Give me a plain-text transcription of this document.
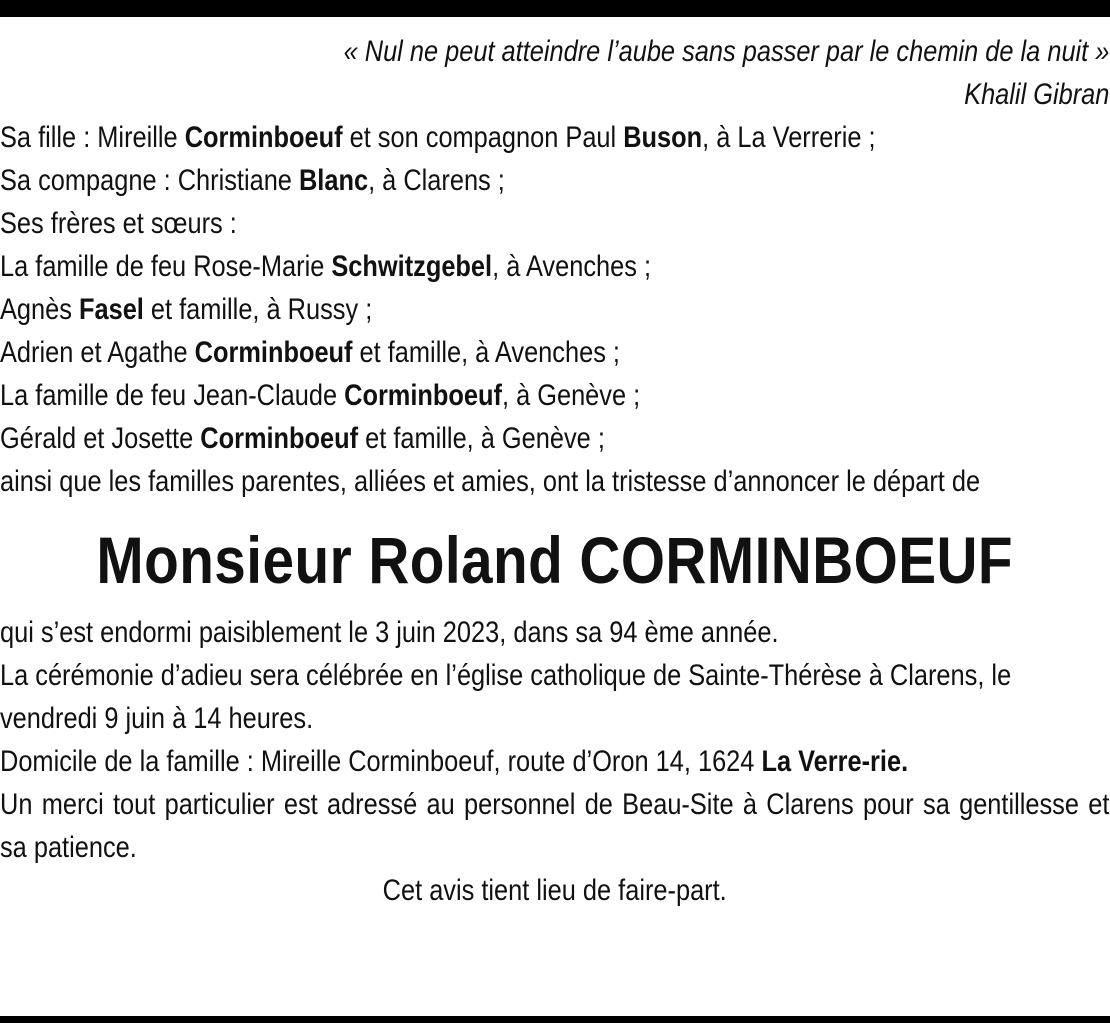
« Nul ne peut atteindre l’aube sans passer par le chemin de la nuit »
Khalil Gibran
Sa fille : Mireille Corminboeuf et son compagnon Paul Buson, à La Verrerie ;
Sa compagne : Christiane Blanc, à Clarens ;
Ses frères et sœurs :
La famille de feu Rose-Marie Schwitzgebel, à Avenches ;
Agnès Fasel et famille, à Russy ;
Adrien et Agathe Corminboeuf et famille, à Avenches ;
La famille de feu Jean-Claude Corminboeuf, à Genève ;
Gérald et Josette Corminboeuf et famille, à Genève ;
ainsi que les familles parentes, alliées et amies, ont la tristesse d’annoncer le départ de
Monsieur Roland CORMINBOEUF
qui s’est endormi paisiblement le 3 juin 2023, dans sa 94 ème année.
La cérémonie d’adieu sera célébrée en l’église catholique de Sainte-Thérèse à Clarens, le vendredi 9 juin à 14 heures.
Domicile de la famille : Mireille Corminboeuf, route d’Oron 14, 1624 La Verre-rie.
Un merci tout particulier est adressé au personnel de Beau-Site à Clarens pour sa gentillesse et sa patience.
Cet avis tient lieu de faire-part.
